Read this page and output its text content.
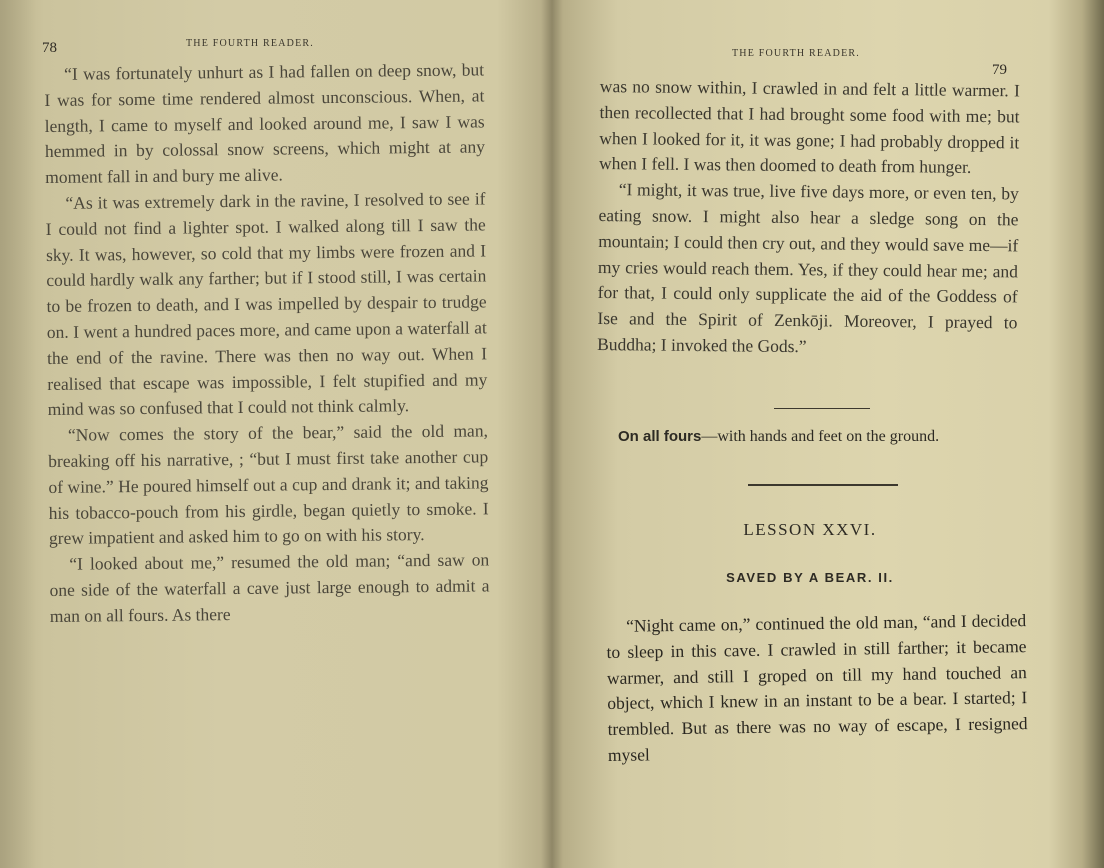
78	THE FOURTH READER.

“I was fortunately unhurt as I had fallen on deep snow, but I was for some time rendered almost unconscious. When, at length, I came to myself and looked around me, I saw I was hemmed in by colossal snow screens, which might at any moment fall in and bury me alive.

“As it was extremely dark in the ravine, I resolved to see if I could not find a lighter spot. I walked along till I saw the sky. It was, however, so cold that my limbs were frozen and I could hardly walk any farther; but if I stood still, I was certain to be frozen to death, and I was impelled by despair to trudge on. I went a hundred paces more, and came upon a waterfall at the end of the ravine. There was then no way out. When I realised that escape was impossible, I felt stupified and my mind was so confused that I could not think calmly.

“Now comes the story of the bear,” said the old man, breaking off his narrative, ; “but I must first take another cup of wine.” He poured himself out a cup and drank it; and taking his tobacco-pouch from his girdle, began quietly to smoke. I grew impatient and asked him to go on with his story.

“I looked about me,” resumed the old man; “and saw on one side of the waterfall a cave just large enough to admit a man on all fours. As there

THE FOURTH READER.
79

was no snow within, I crawled in and felt a little warmer. I then recollected that I had brought some food with me; but when I looked for it, it was gone; I had probably dropped it when I fell. I was then doomed to death from hunger.

“I might, it was true, live five days more, or even ten, by eating snow. I might also hear a sledge song on the mountain; I could then cry out, and they would save me—if my cries would reach them. Yes, if they could hear me; and for that, I could only supplicate the aid of the Goddess of Ise and the Spirit of Zenkōji. Moreover, I prayed to Buddha; I invoked the Gods.”

On all fours—with hands and feet on the ground.
LESSON XXVI.
SAVED BY A BEAR. II.

“Night came on,” continued the old man, “and I decided to sleep in this cave. I crawled in still farther; it became warmer, and still I groped on till my hand touched an object, which I knew in an instant to be a bear. I started; I trembled. But as there was no way of escape, I resigned mysel
